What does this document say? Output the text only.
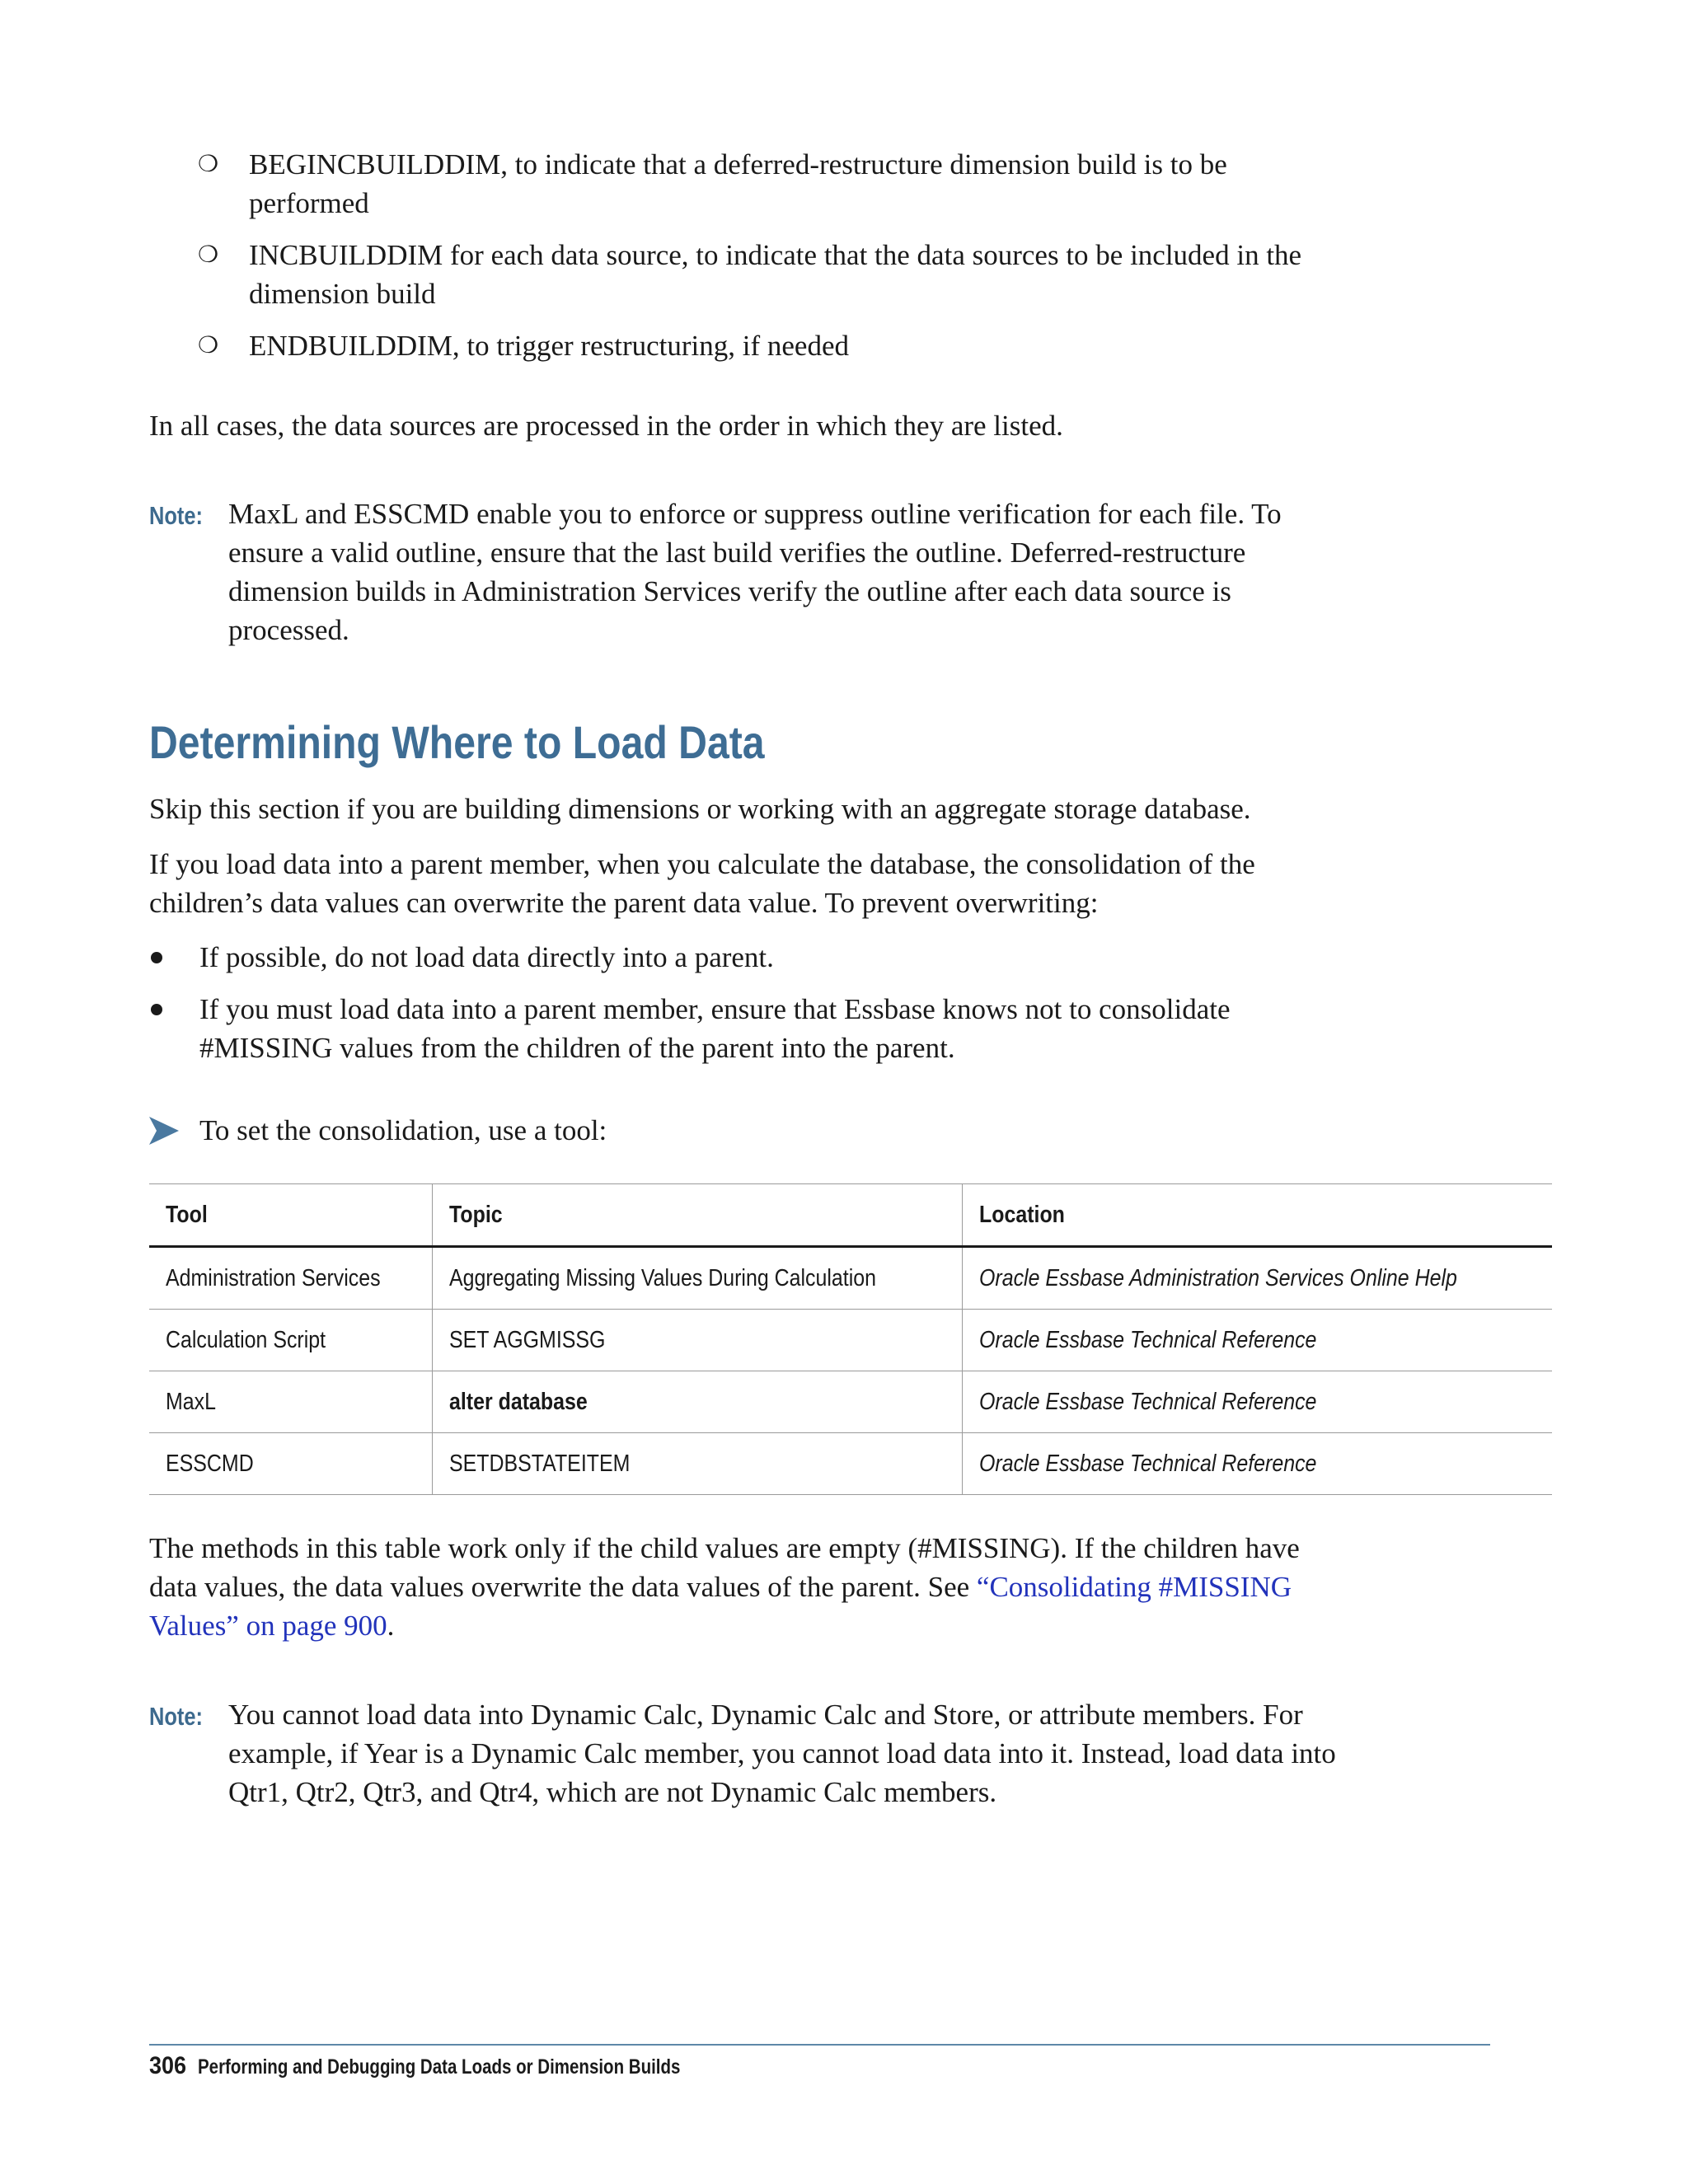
❍ BEGINCBUILDDIM, to indicate that a deferred-restructure dimension build is to be performed
❍ INCBUILDDIM for each data source, to indicate that the data sources to be included in the dimension build
❍ ENDBUILDDIM, to trigger restructuring, if needed
In all cases, the data sources are processed in the order in which they are listed.
Note: MaxL and ESSCMD enable you to enforce or suppress outline verification for each file. To ensure a valid outline, ensure that the last build verifies the outline. Deferred-restructure dimension builds in Administration Services verify the outline after each data source is processed.
Determining Where to Load Data
Skip this section if you are building dimensions or working with an aggregate storage database.
If you load data into a parent member, when you calculate the database, the consolidation of the children’s data values can overwrite the parent data value. To prevent overwriting:
If possible, do not load data directly into a parent.
If you must load data into a parent member, ensure that Essbase knows not to consolidate #MISSING values from the children of the parent into the parent.
To set the consolidation, use a tool:
Tool	Topic	Location
Administration Services	Aggregating Missing Values During Calculation	Oracle Essbase Administration Services Online Help
Calculation Script	SET AGGMISSG	Oracle Essbase Technical Reference
MaxL	alter database	Oracle Essbase Technical Reference
ESSCMD	SETDBSTATEITEM	Oracle Essbase Technical Reference
The methods in this table work only if the child values are empty (#MISSING). If the children have data values, the data values overwrite the data values of the parent. See “Consolidating #MISSING Values” on page 900.
Note: You cannot load data into Dynamic Calc, Dynamic Calc and Store, or attribute members. For example, if Year is a Dynamic Calc member, you cannot load data into it. Instead, load data into Qtr1, Qtr2, Qtr3, and Qtr4, which are not Dynamic Calc members.
306 Performing and Debugging Data Loads or Dimension Builds
